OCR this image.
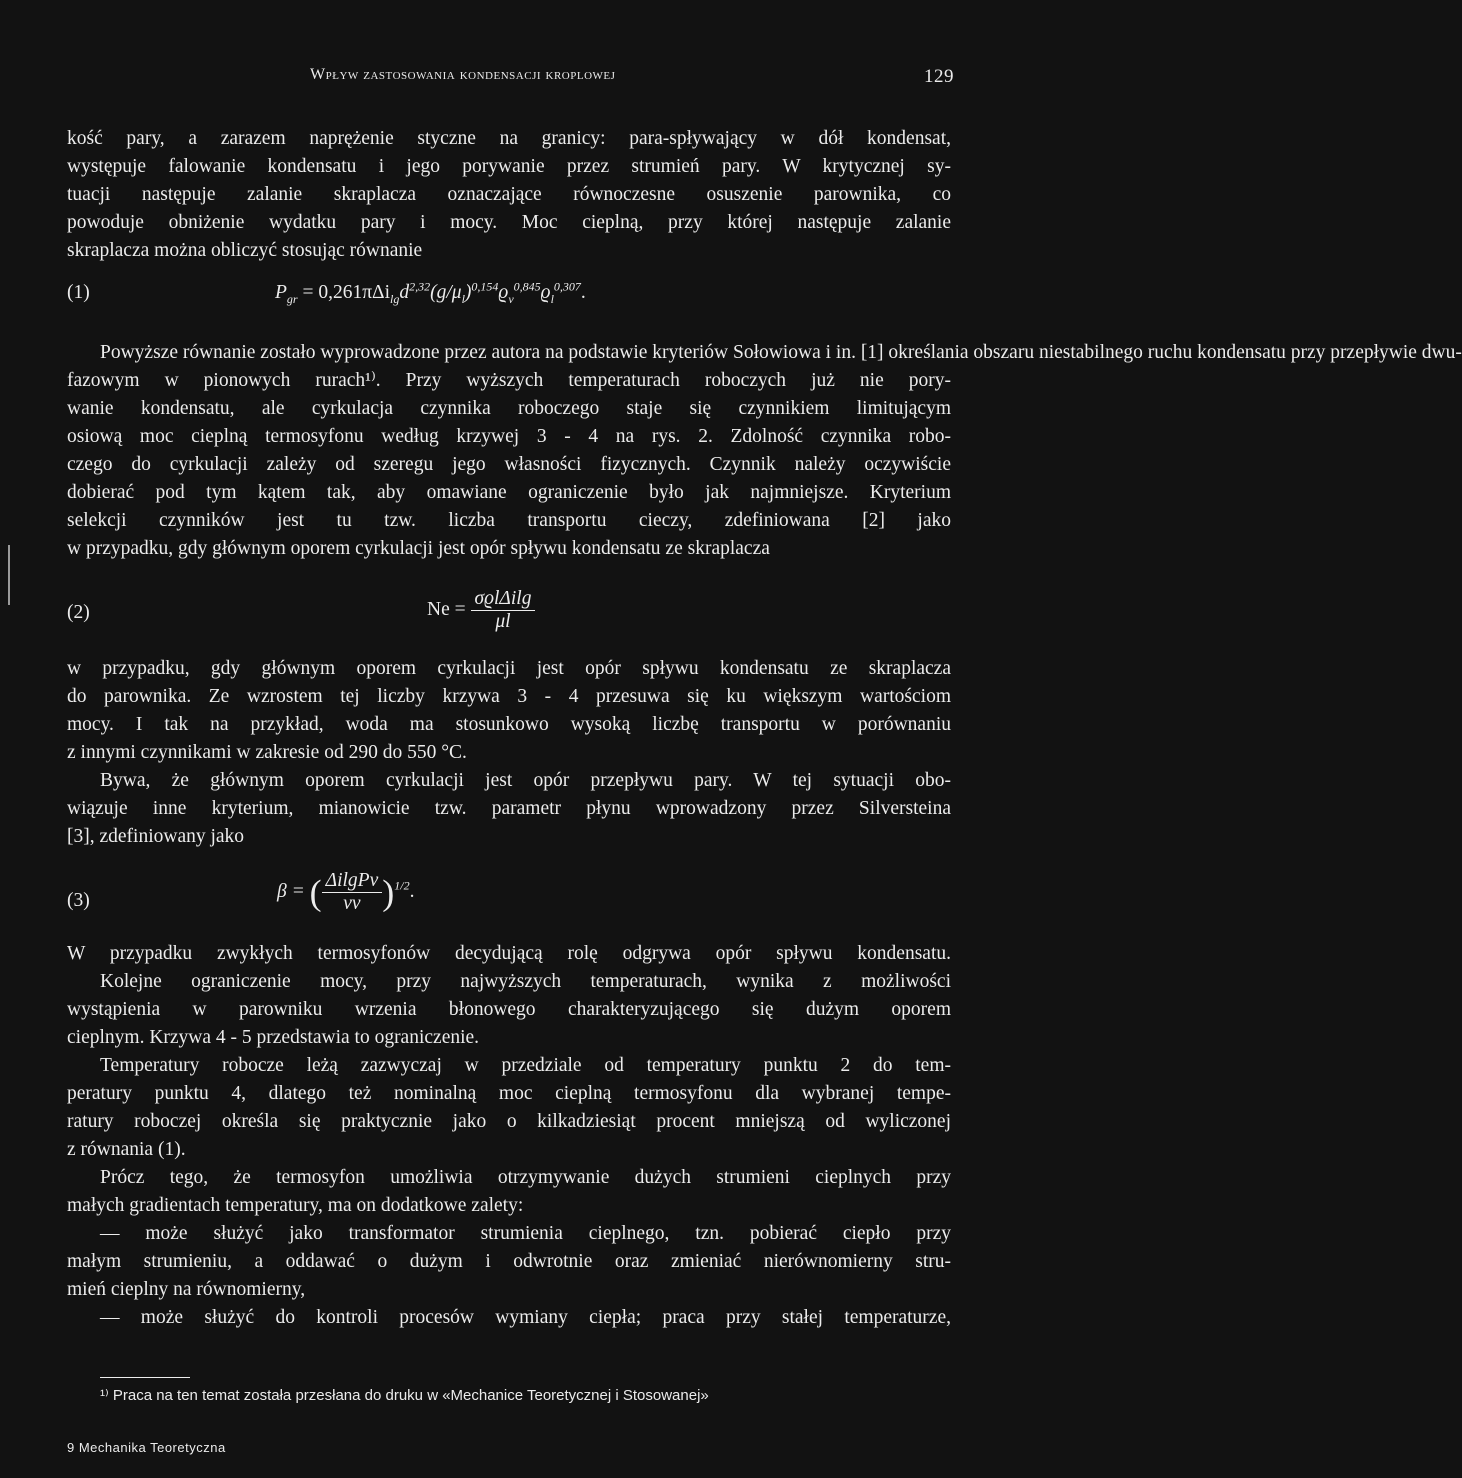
Wpływ zastosowania kondensacji kroplowej	129
kość pary, a zarazem naprężenie styczne na granicy: para-spływający w dół kondensat,
występuje falowanie kondensatu i jego porywanie przez strumień pary. W krytycznej sy-
tuacji następuje zalanie skraplacza oznaczające równoczesne osuszenie parownika, co
powoduje obniżenie wydatku pary i mocy. Moc cieplną, przy której następuje zalanie
skraplacza można obliczyć stosując równanie
(1)	$P_{gr} = 0,261\pi\Delta i_{lg}d^{2,32}(g/\mu_l)^{0,154}ϱ_v^{0,845}ϱ_l^{0,307}$.
Powyższe równanie zostało wyprowadzone przez autora na podstawie kryteriów Sołowiowa i in. [1] określania obszaru niestabilnego ruchu kondensatu przy przepływie dwu-
fazowym w pionowych rurach¹⁾. Przy wyższych temperaturach roboczych już nie pory-
wanie kondensatu, ale cyrkulacja czynnika roboczego staje się czynnikiem limitującym
osiową moc cieplną termosyfonu według krzywej 3 - 4 na rys. 2. Zdolność czynnika robo-
czego do cyrkulacji zależy od szeregu jego własności fizycznych. Czynnik należy oczywiście
dobierać pod tym kątem tak, aby omawiane ograniczenie było jak najmniejsze. Kryterium
selekcji czynników jest tu tzw. liczba transportu cieczy, zdefiniowana [2] jako
w przypadku, gdy głównym oporem cyrkulacji jest opór spływu kondensatu ze skraplacza
(2)	$Ne = \frac{\text{σϱlΔilg}}{\mu l}$
w przypadku, gdy głównym oporem cyrkulacji jest opór spływu kondensatu ze skraplacza
do parownika. Ze wzrostem tej liczby krzywa 3 - 4 przesuwa się ku większym wartościom
mocy. I tak na przykład, woda ma stosunkowo wysoką liczbę transportu w porównaniu
z innymi czynnikami w zakresie od 290 do 550 °C.
Bywa, że głównym oporem cyrkulacji jest opór przepływu pary. W tej sytuacji obo-
wiązuje inne kryterium, mianowicie tzw. parametr płynu wprowadzony przez Silversteina
[3], zdefiniowany jako
(3)	β = ( $\frac{\text{ΔilgPv}}{\nu v} )^{1/2}$.
W przypadku zwykłych termosyfonów decydującą rolę odgrywa opór spływu kondensatu.
Kolejne ograniczenie mocy, przy najwyższych temperaturach, wynika z możliwości
wystąpienia w parowniku wrzenia błonowego charakteryzującego się dużym oporem
cieplnym. Krzywa 4 - 5 przedstawia to ograniczenie.
Temperatury robocze leżą zazwyczaj w przedziale od temperatury punktu 2 do tem-
peratury punktu 4, dlatego też nominalną moc cieplną termosyfonu dla wybranej tempe-
ratury roboczej określa się praktycznie jako o kilkadziesiąt procent mniejszą od wyliczonej
z równania (1).
Prócz tego, że termosyfon umożliwia otrzymywanie dużych strumieni cieplnych przy
małych gradientach temperatury, ma on dodatkowe zalety:
— może służyć jako transformator strumienia cieplnego, tzn. pobierać ciepło przy
małym strumieniu, a oddawać o dużym i odwrotnie oraz zmieniać nierównomierny stru-
mień cieplny na równomierny,
— może służyć do kontroli procesów wymiany ciepła; praca przy stałej temperaturze,
¹⁾ Praca na ten temat została przesłana do druku w «Mechanice Teoretycznej i Stosowanej»
9 Mechanika Teoretyczna
